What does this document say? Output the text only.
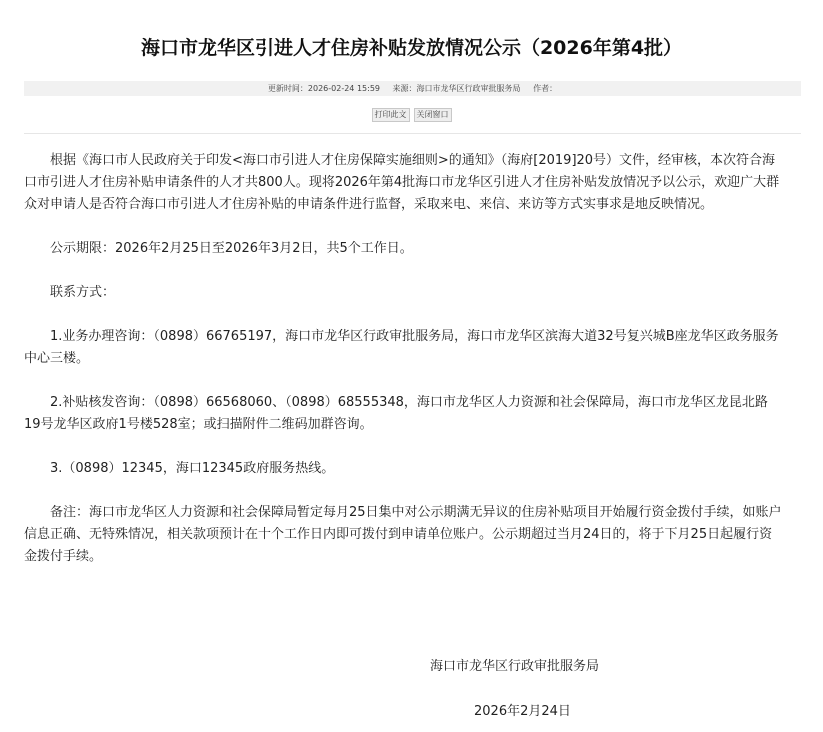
海口市龙华区引进人才住房补贴发放情况公示（2026年第4批）
更新时间：2026-02-24 15:59 来源：海口市龙华区行政审批服务局 作者：
打印此文 关闭窗口

根据《海口市人民政府关于印发<海口市引进人才住房保障实施细则>的通知》（海府[2019]20号）文件，经审核，本次符合海口市引进人才住房补贴申请条件的人才共800人。现将2026年第4批海口市龙华区引进人才住房补贴发放情况予以公示，欢迎广大群众对申请人是否符合海口市引进人才住房补贴的申请条件进行监督，采取来电、来信、来访等方式实事求是地反映情况。

公示期限：2026年2月25日至2026年3月2日，共5个工作日。

联系方式：

1.业务办理咨询：（0898）66765197，海口市龙华区行政审批服务局，海口市龙华区滨海大道32号复兴城B座龙华区政务服务中心三楼。

2.补贴核发咨询：（0898）66568060、（0898）68555348，海口市龙华区人力资源和社会保障局，海口市龙华区龙昆北路19号龙华区政府1号楼528室；或扫描附件二维码加群咨询。

3.（0898）12345，海口12345政府服务热线。

备注：海口市龙华区人力资源和社会保障局暂定每月25日集中对公示期满无异议的住房补贴项目开始履行资金拨付手续，如账户信息正确、无特殊情况，相关款项预计在十个工作日内即可拨付到申请单位账户。公示期超过当月24日的，将于下月25日起履行资金拨付手续。

海口市龙华区行政审批服务局
2026年2月24日
